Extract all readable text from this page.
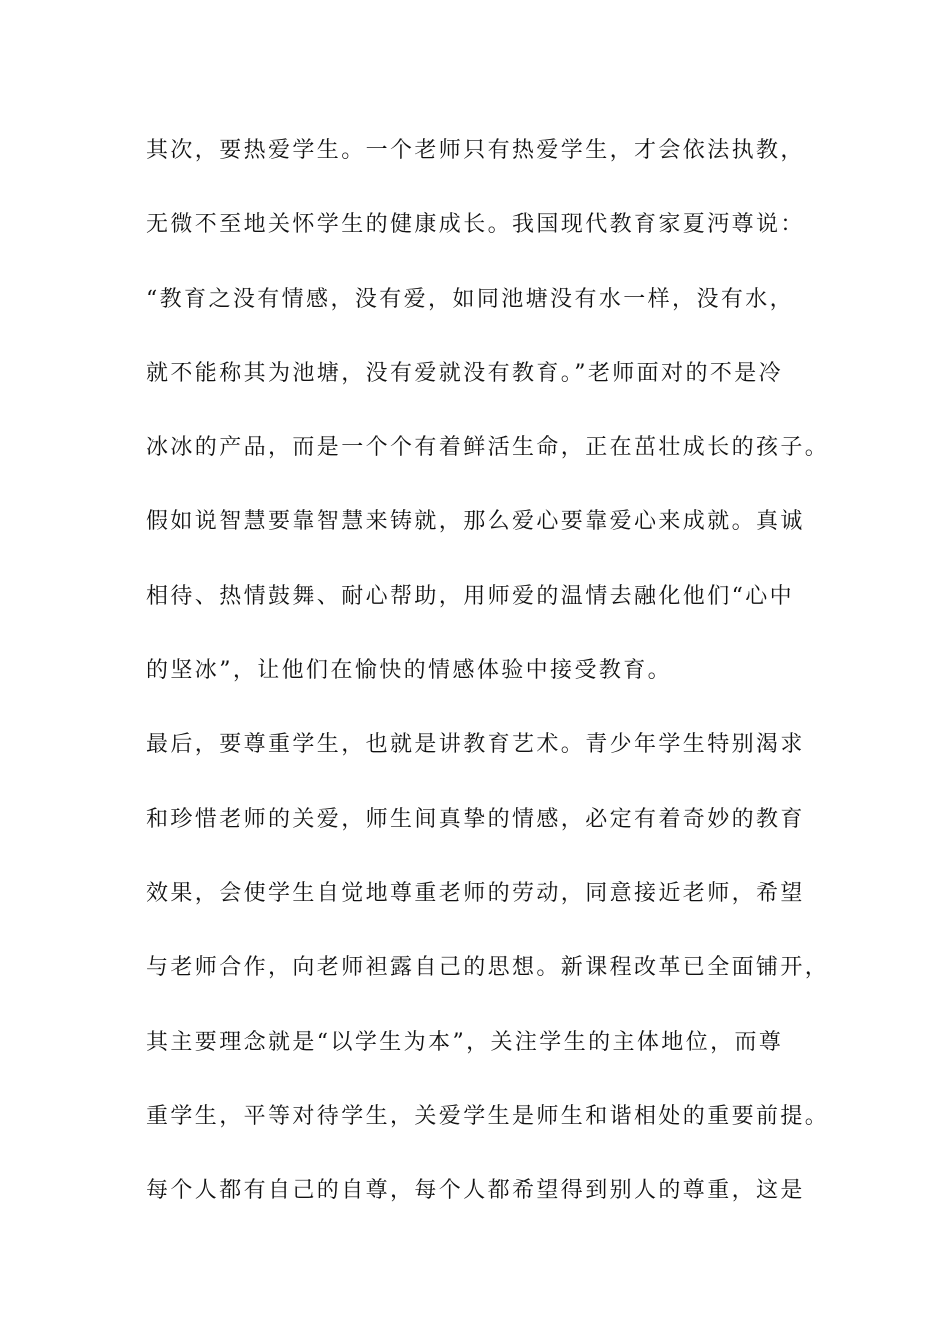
其次，要热爱学生。一个老师只有热爱学生，才会依法执教，
无微不至地关怀学生的健康成长。我国现代教育家夏沔尊说：
“教育之没有情感，没有爱，如同池塘没有水一样，没有水，
就不能称其为池塘，没有爱就没有教育。”老师面对的不是冷
冰冰的产品，而是一个个有着鲜活生命，正在茁壮成长的孩子。
假如说智慧要靠智慧来铸就，那么爱心要靠爱心来成就。真诚
相待、热情鼓舞、耐心帮助，用师爱的温情去融化他们“心中
的坚冰”，让他们在愉快的情感体验中接受教育。
最后，要尊重学生，也就是讲教育艺术。青少年学生特别渴求
和珍惜老师的关爱，师生间真挚的情感，必定有着奇妙的教育
效果，会使学生自觉地尊重老师的劳动，同意接近老师，希望
与老师合作，向老师袒露自己的思想。新课程改革已全面铺开，
其主要理念就是“以学生为本”，关注学生的主体地位，而尊
重学生，平等对待学生，关爱学生是师生和谐相处的重要前提。
每个人都有自己的自尊，每个人都希望得到别人的尊重，这是
